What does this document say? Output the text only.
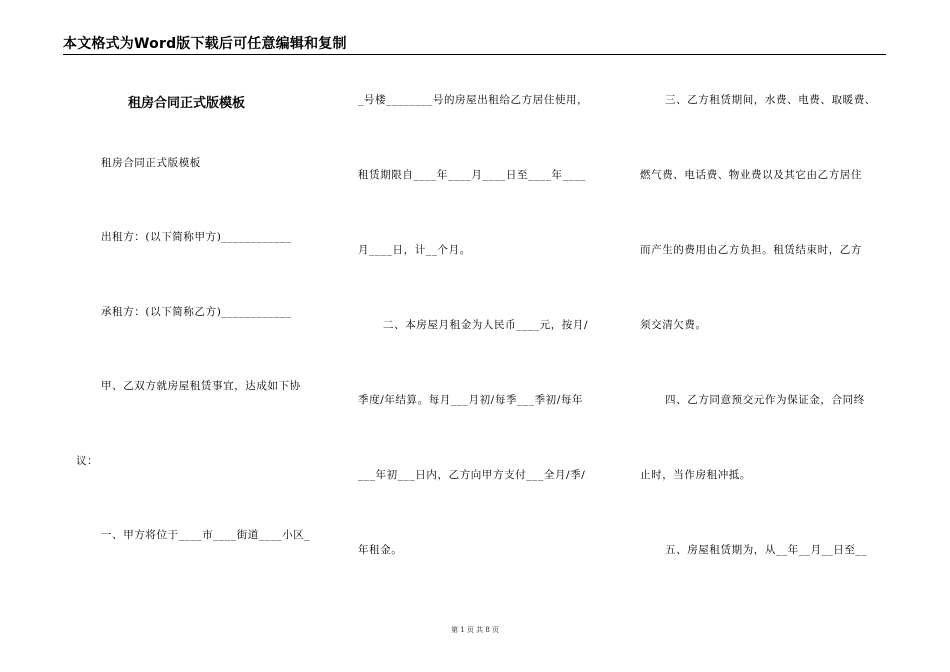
本文格式为Word版下载后可任意编辑和复制
租房合同正式版模板
租房合同正式版模板
出租方：(以下简称甲方)____________
承租方：(以下简称乙方)____________
甲、乙双方就房屋租赁事宜，达成如下协
议：
一、甲方将位于____市____街道____小区_
_号楼________号的房屋出租给乙方居住使用，
租赁期限自____年____月____日至____年____
月____日，计__个月。
二、本房屋月租金为人民币____元，按月/
季度/年结算。每月___月初/每季___季初/每年
___年初___日内，乙方向甲方支付___全月/季/
年租金。
三、乙方租赁期间，水费、电费、取暖费、
燃气费、电话费、物业费以及其它由乙方居住
而产生的费用由乙方负担。租赁结束时，乙方
须交清欠费。
四、乙方同意预交元作为保证金，合同终
止时，当作房租冲抵。
五、房屋租赁期为，从__年__月__日至__
第 1 页 共 8 页
